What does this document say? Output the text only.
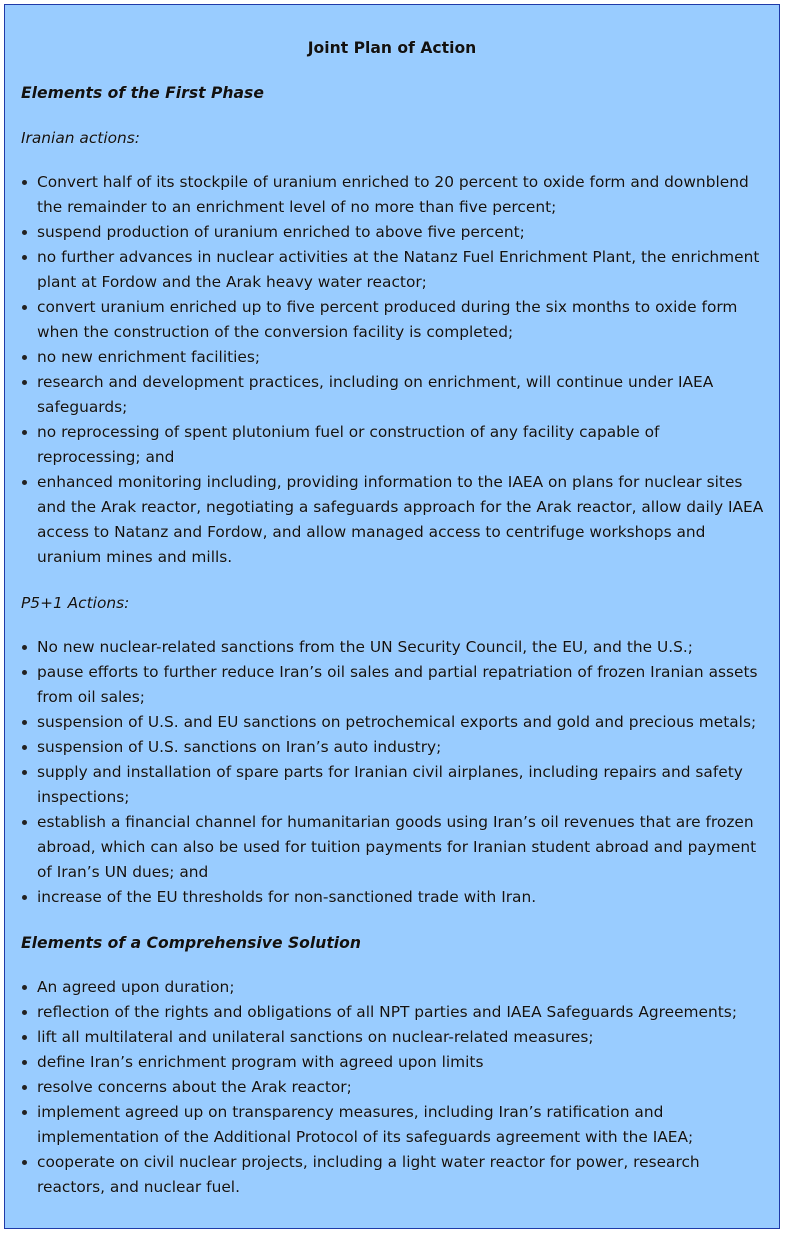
Joint Plan of Action
Elements of the First Phase
Iranian actions:
Convert half of its stockpile of uranium enriched to 20 percent to oxide form and downblend the remainder to an enrichment level of no more than five percent;
suspend production of uranium enriched to above five percent;
no further advances in nuclear activities at the Natanz Fuel Enrichment Plant, the enrichment plant at Fordow and the Arak heavy water reactor;
convert uranium enriched up to five percent produced during the six months to oxide form when the construction of the conversion facility is completed;
no new enrichment facilities;
research and development practices, including on enrichment, will continue under IAEA safeguards;
no reprocessing of spent plutonium fuel or construction of any facility capable of reprocessing; and
enhanced monitoring including, providing information to the IAEA on plans for nuclear sites and the Arak reactor, negotiating a safeguards approach for the Arak reactor, allow daily IAEA access to Natanz and Fordow, and allow managed access to centrifuge workshops and uranium mines and mills.
P5+1 Actions:
No new nuclear-related sanctions from the UN Security Council, the EU, and the U.S.;
pause efforts to further reduce Iran’s oil sales and partial repatriation of frozen Iranian assets from oil sales;
suspension of U.S. and EU sanctions on petrochemical exports and gold and precious metals;
suspension of U.S. sanctions on Iran’s auto industry;
supply and installation of spare parts for Iranian civil airplanes, including repairs and safety inspections;
establish a financial channel for humanitarian goods using Iran’s oil revenues that are frozen abroad, which can also be used for tuition payments for Iranian student abroad and payment of Iran’s UN dues; and
increase of the EU thresholds for non-sanctioned trade with Iran.
Elements of a Comprehensive Solution
An agreed upon duration;
reflection of the rights and obligations of all NPT parties and IAEA Safeguards Agreements;
lift all multilateral and unilateral sanctions on nuclear-related measures;
define Iran’s enrichment program with agreed upon limits
resolve concerns about the Arak reactor;
implement agreed up on transparency measures, including Iran’s ratification and implementation of the Additional Protocol of its safeguards agreement with the IAEA;
cooperate on civil nuclear projects, including a light water reactor for power, research reactors, and nuclear fuel.
